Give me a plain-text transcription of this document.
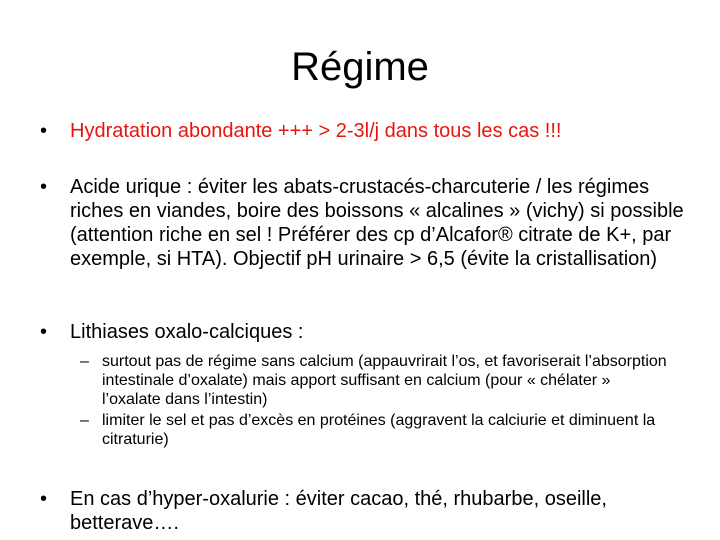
Régime
• Hydratation abondante +++ > 2-3l/j dans tous les cas !!!
• Acide urique : éviter les abats-crustacés-charcuterie / les régimes riches en viandes, boire des boissons « alcalines » (vichy) si possible (attention riche en sel ! Préférer des cp d’Alcafor® citrate de K+, par exemple, si HTA). Objectif pH urinaire > 6,5 (évite la cristallisation)
• Lithiases oxalo-calciques :
– surtout pas de régime sans calcium (appauvrirait l’os, et favoriserait l’absorption intestinale d’oxalate) mais apport suffisant en calcium (pour « chélater » l’oxalate dans l’intestin)
– limiter le sel et pas d’excès en protéines (aggravent la calciurie et diminuent la citraturie)
• En cas d’hyper-oxalurie : éviter cacao, thé, rhubarbe, oseille, betterave….
